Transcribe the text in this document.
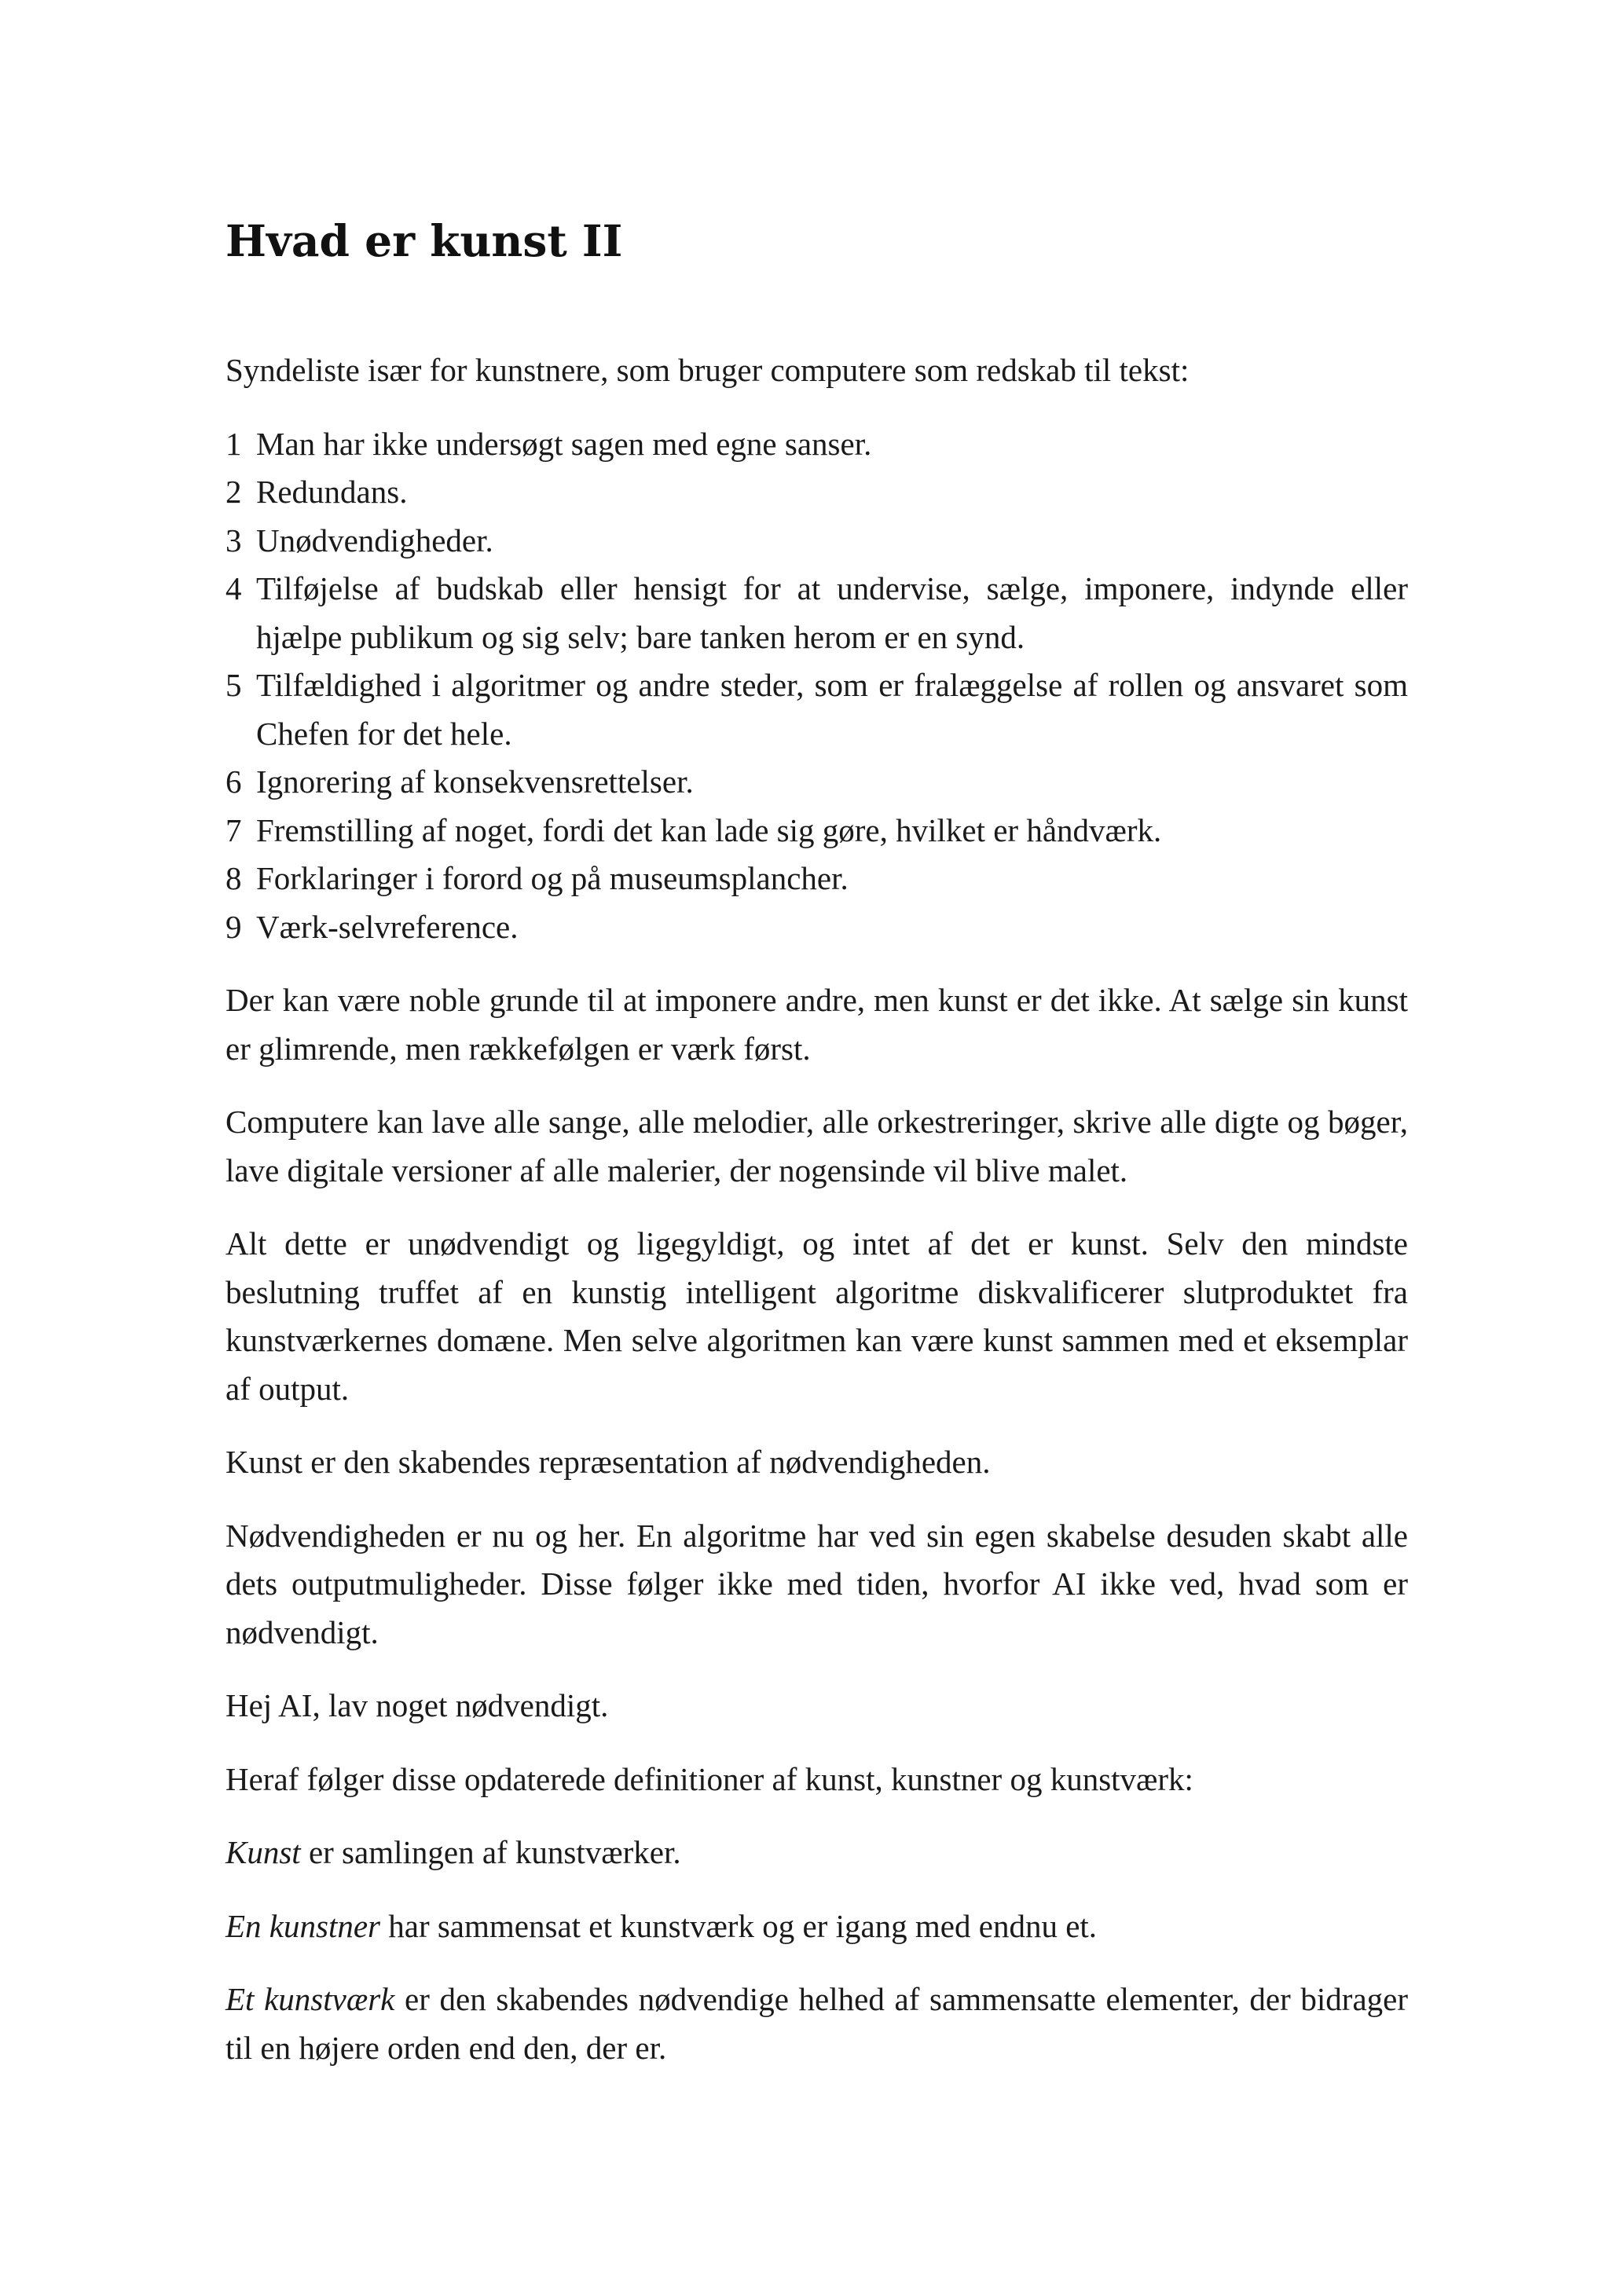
Hvad er kunst II

Syndeliste især for kunstnere, som bruger computere som redskab til tekst:

1 Man har ikke undersøgt sagen med egne sanser.
2 Redundans.
3 Unødvendigheder.
4 Tilføjelse af budskab eller hensigt for at undervise, sælge, imponere, indynde eller hjælpe publikum og sig selv; bare tanken herom er en synd.
5 Tilfældighed i algoritmer og andre steder, som er fralæggelse af rollen og ansvaret som Chefen for det hele.
6 Ignorering af konsekvensrettelser.
7 Fremstilling af noget, fordi det kan lade sig gøre, hvilket er håndværk.
8 Forklaringer i forord og på museumsplancher.
9 Værk-selvreference.

Der kan være noble grunde til at imponere andre, men kunst er det ikke. At sælge sin kunst er glimrende, men rækkefølgen er værk først.

Computere kan lave alle sange, alle melodier, alle orkestreringer, skrive alle digte og bøger, lave digitale versioner af alle malerier, der nogensinde vil blive malet.

Alt dette er unødvendigt og ligegyldigt, og intet af det er kunst. Selv den mindste beslutning truffet af en kunstig intelligent algoritme diskvalificerer slutproduktet fra kunstværkernes domæne. Men selve algoritmen kan være kunst sammen med et eksemplar af output.

Kunst er den skabendes repræsentation af nødvendigheden.

Nødvendigheden er nu og her. En algoritme har ved sin egen skabelse desuden skabt alle dets outputmuligheder. Disse følger ikke med tiden, hvorfor AI ikke ved, hvad som er nødvendigt.

Hej AI, lav noget nødvendigt.

Heraf følger disse opdaterede definitioner af kunst, kunstner og kunstværk:

Kunst er samlingen af kunstværker.

En kunstner har sammensat et kunstværk og er igang med endnu et.

Et kunstværk er den skabendes nødvendige helhed af sammensatte elementer, der bidrager til en højere orden end den, der er.
